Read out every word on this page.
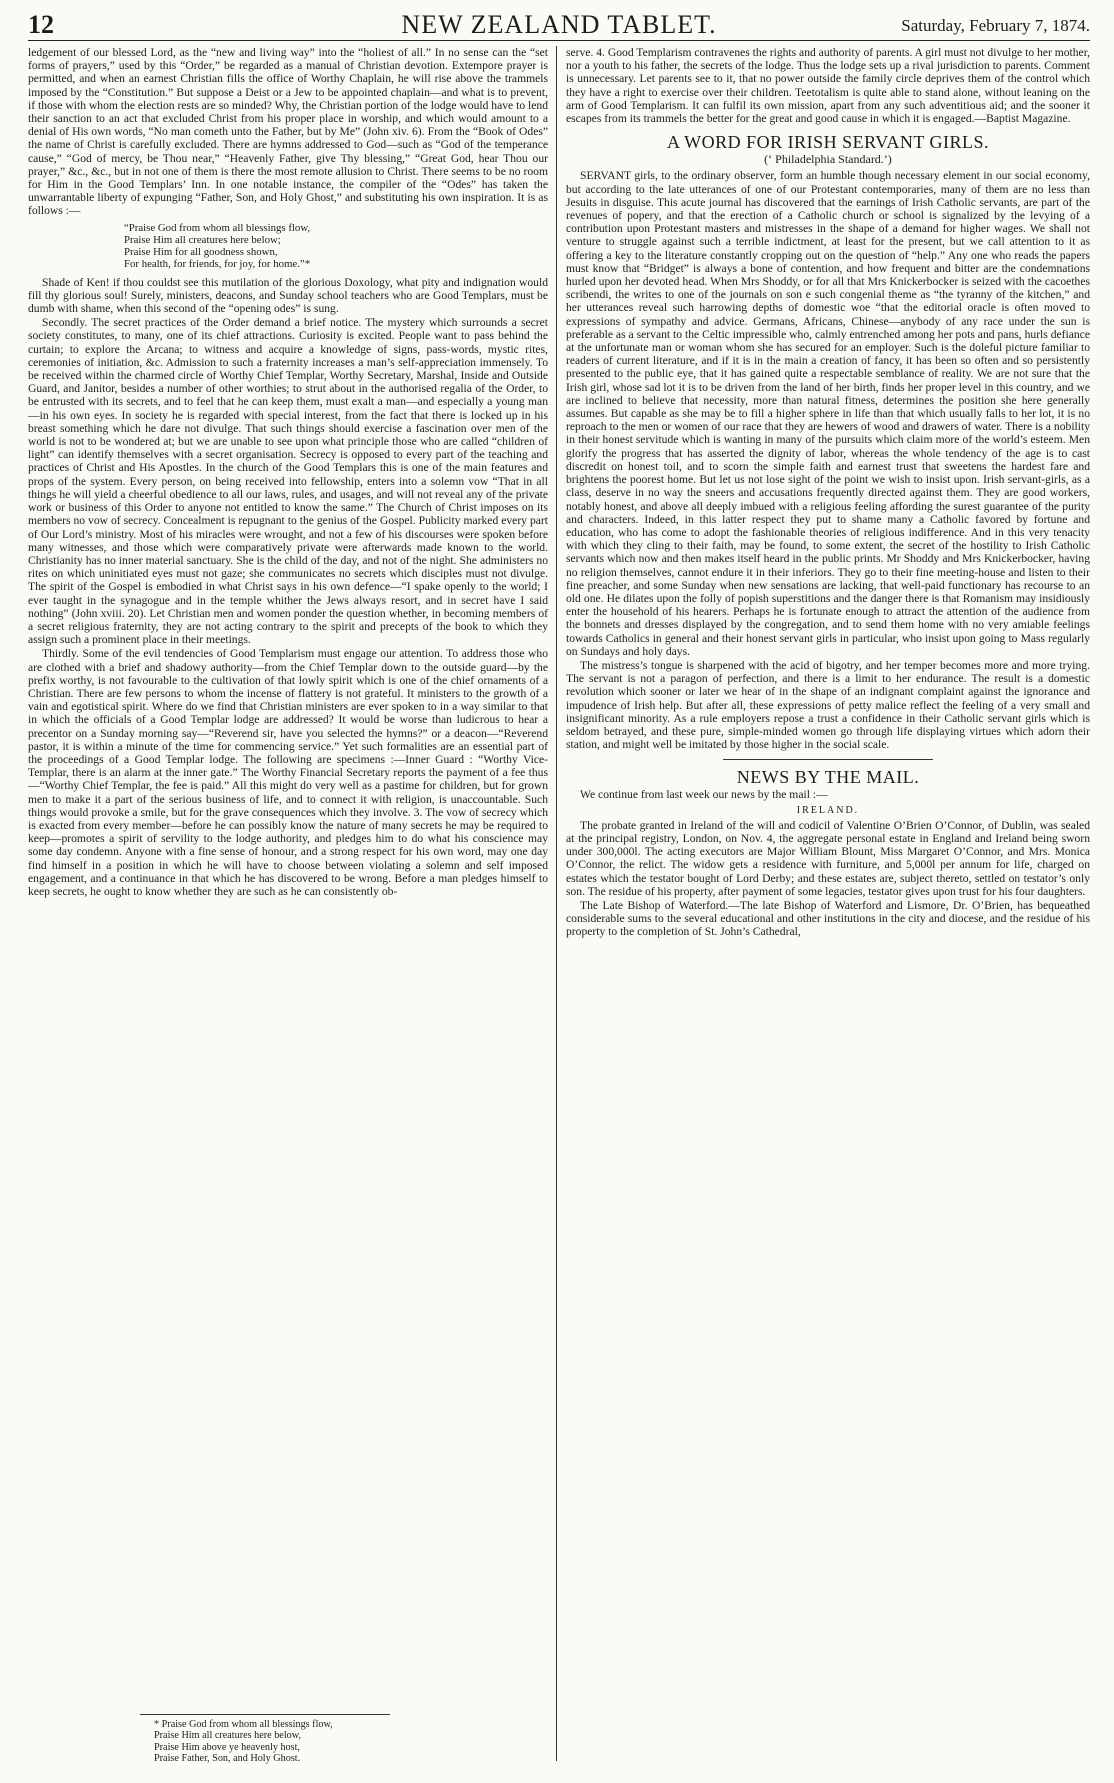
12	NEW ZEALAND TABLET.	Saturday, February 7, 1874.

ledgement of our blessed Lord, as the “new and living way” into the “holiest of all.” In no sense can the “set forms of prayers,” used by this “Order,” be regarded as a manual of Christian devotion. Extempore prayer is permitted, and when an earnest Christian fills the office of Worthy Chaplain, he will rise above the trammels imposed by the “Constitution.” But suppose a Deist or a Jew to be appointed chaplain—and what is to prevent, if those with whom the election rests are so minded? Why, the Christian portion of the lodge would have to lend their sanction to an act that excluded Christ from his proper place in worship, and which would amount to a denial of His own words, “No man cometh unto the Father, but by Me” (John xiv. 6). From the “Book of Odes” the name of Christ is carefully excluded. There are hymns addressed to God—such as “God of the temperance cause,” “God of mercy, be Thou near,” “Heavenly Father, give Thy blessing,” “Great God, hear Thou our prayer,” &c., &c., but in not one of them is there the most remote allusion to Christ. There seems to be no room for Him in the Good Templars’ Inn. In one notable instance, the compiler of the “Odes” has taken the unwarrantable liberty of expunging “Father, Son, and Holy Ghost,” and substituting his own inspiration. It is as follows :—

“Praise God from whom all blessings flow,
Praise Him all creatures here below;
Praise Him for all goodness shown,
For health, for friends, for joy, for home.”*

Shade of Ken! if thou couldst see this mutilation of the glorious Doxology, what pity and indignation would fill thy glorious soul! Surely, ministers, deacons, and Sunday school teachers who are Good Templars, must be dumb with shame, when this second of the “opening odes” is sung.

Secondly. The secret practices of the Order demand a brief notice. The mystery which surrounds a secret society constitutes, to many, one of its chief attractions. Curiosity is excited. People want to pass behind the curtain; to explore the Arcana; to witness and acquire a knowledge of signs, pass-words, mystic rites, ceremonies of initiation, &c. Admission to such a fraternity increases a man’s self-appreciation immensely. To be received within the charmed circle of Worthy Chief Templar, Worthy Secretary, Marshal, Inside and Outside Guard, and Janitor, besides a number of other worthies; to strut about in the authorised regalia of the Order, to be entrusted with its secrets, and to feel that he can keep them, must exalt a man—and especially a young man—in his own eyes. In society he is regarded with special interest, from the fact that there is locked up in his breast something which he dare not divulge. That such things should exercise a fascination over men of the world is not to be wondered at; but we are unable to see upon what principle those who are called “children of light” can identify themselves with a secret organisation. Secrecy is opposed to every part of the teaching and practices of Christ and His Apostles. In the church of the Good Templars this is one of the main features and props of the system. Every person, on being received into fellowship, enters into a solemn vow “That in all things he will yield a cheerful obedience to all our laws, rules, and usages, and will not reveal any of the private work or business of this Order to anyone not entitled to know the same.” The Church of Christ imposes on its members no vow of secrecy. Concealment is repugnant to the genius of the Gospel. Publicity marked every part of Our Lord’s ministry. Most of his miracles were wrought, and not a few of his discourses were spoken before many witnesses, and those which were comparatively private were afterwards made known to the world. Christianity has no inner material sanctuary. She is the child of the day, and not of the night. She administers no rites on which uninitiated eyes must not gaze; she communicates no secrets which disciples must not divulge. The spirit of the Gospel is embodied in what Christ says in his own defence—“I spake openly to the world; I ever taught in the synagogue and in the temple whither the Jews always resort, and in secret have I said nothing” (John xviii. 20). Let Christian men and women ponder the question whether, in becoming members of a secret religious fraternity, they are not acting contrary to the spirit and precepts of the book to which they assign such a prominent place in their meetings.

Thirdly. Some of the evil tendencies of Good Templarism must engage our attention. To address those who are clothed with a brief and shadowy authority—from the Chief Templar down to the outside guard—by the prefix worthy, is not favourable to the cultivation of that lowly spirit which is one of the chief ornaments of a Christian. There are few persons to whom the incense of flattery is not grateful. It ministers to the growth of a vain and egotistical spirit. Where do we find that Christian ministers are ever spoken to in a way similar to that in which the officials of a Good Templar lodge are addressed? It would be worse than ludicrous to hear a precentor on a Sunday morning say—“Reverend sir, have you selected the hymns?” or a deacon—“Reverend pastor, it is within a minute of the time for commencing service.” Yet such formalities are an essential part of the proceedings of a Good Templar lodge. The following are specimens :—Inner Guard : “Worthy Vice-Templar, there is an alarm at the inner gate.” The Worthy Financial Secretary reports the payment of a fee thus—“Worthy Chief Templar, the fee is paid.” All this might do very well as a pastime for children, but for grown men to make it a part of the serious business of life, and to connect it with religion, is unaccountable. Such things would provoke a smile, but for the grave consequences which they involve. 3. The vow of secrecy which is exacted from every member—before he can possibly know the nature of many secrets he may be required to keep—promotes a spirit of servility to the lodge authority, and pledges him to do what his conscience may some day condemn. Anyone with a fine sense of honour, and a strong respect for his own word, may one day find himself in a position in which he will have to choose between violating a solemn and self imposed engagement, and a continuance in that which he has discovered to be wrong. Before a man pledges himself to keep secrets, he ought to know whether they are such as he can consistently ob-

* Praise God from whom all blessings flow,
Praise Him all creatures here below,
Praise Him above ye heavenly host,
Praise Father, Son, and Holy Ghost.

serve. 4. Good Templarism contravenes the rights and authority of parents. A girl must not divulge to her mother, nor a youth to his father, the secrets of the lodge. Thus the lodge sets up a rival jurisdiction to parents. Comment is unnecessary. Let parents see to it, that no power outside the family circle deprives them of the control which they have a right to exercise over their children. Teetotalism is quite able to stand alone, without leaning on the arm of Good Templarism. It can fulfil its own mission, apart from any such adventitious aid; and the sooner it escapes from its trammels the better for the great and good cause in which it is engaged.—Baptist Magazine.

A WORD FOR IRISH SERVANT GIRLS.
(‘ Philadelphia Standard.’)

SERVANT girls, to the ordinary observer, form an humble though necessary element in our social economy, but according to the late utterances of one of our Protestant contemporaries, many of them are no less than Jesuits in disguise. This acute journal has discovered that the earnings of Irish Catholic servants, are part of the revenues of popery, and that the erection of a Catholic church or school is signalized by the levying of a contribution upon Protestant masters and mistresses in the shape of a demand for higher wages. We shall not venture to struggle against such a terrible indictment, at least for the present, but we call attention to it as offering a key to the literature constantly cropping out on the question of “help.” Any one who reads the papers must know that “Bridget” is always a bone of contention, and how frequent and bitter are the condemnations hurled upon her devoted head. When Mrs Shoddy, or for all that Mrs Knickerbocker is seized with the cacoethes scribendi, the writes to one of the journals on son e such congenial theme as “the tyranny of the kitchen,” and her utterances reveal such harrowing depths of domestic woe “that the editorial oracle is often moved to expressions of sympathy and advice. Germans, Africans, Chinese—anybody of any race under the sun is preferable as a servant to the Celtic impressible who, calmly entrenched among her pots and pans, hurls defiance at the unfortunate man or woman whom she has secured for an employer. Such is the doleful picture familiar to readers of current literature, and if it is in the main a creation of fancy, it has been so often and so persistently presented to the public eye, that it has gained quite a respectable semblance of reality. We are not sure that the Irish girl, whose sad lot it is to be driven from the land of her birth, finds her proper level in this country, and we are inclined to believe that necessity, more than natural fitness, determines the position she here generally assumes. But capable as she may be to fill a higher sphere in life than that which usually falls to her lot, it is no reproach to the men or women of our race that they are hewers of wood and drawers of water. There is a nobility in their honest servitude which is wanting in many of the pursuits which claim more of the world’s esteem. Men glorify the progress that has asserted the dignity of labor, whereas the whole tendency of the age is to cast discredit on honest toil, and to scorn the simple faith and earnest trust that sweetens the hardest fare and brightens the poorest home. But let us not lose sight of the point we wish to insist upon. Irish servant-girls, as a class, deserve in no way the sneers and accusations frequently directed against them. They are good workers, notably honest, and above all deeply imbued with a religious feeling affording the surest guarantee of the purity and characters. Indeed, in this latter respect they put to shame many a Catholic favored by fortune and education, who has come to adopt the fashionable theories of religious indifference. And in this very tenacity with which they cling to their faith, may be found, to some extent, the secret of the hostility to Irish Catholic servants which now and then makes itself heard in the public prints. Mr Shoddy and Mrs Knickerbocker, having no religion themselves, cannot endure it in their inferiors. They go to their fine meeting-house and listen to their fine preacher, and some Sunday when new sensations are lacking, that well-paid functionary has recourse to an old one. He dilates upon the folly of popish superstitions and the danger there is that Romanism may insidiously enter the household of his hearers. Perhaps he is fortunate enough to attract the attention of the audience from the bonnets and dresses displayed by the congregation, and to send them home with no very amiable feelings towards Catholics in general and their honest servant girls in particular, who insist upon going to Mass regularly on Sundays and holy days.

The mistress’s tongue is sharpened with the acid of bigotry, and her temper becomes more and more trying. The servant is not a paragon of perfection, and there is a limit to her endurance. The result is a domestic revolution which sooner or later we hear of in the shape of an indignant complaint against the ignorance and impudence of Irish help. But after all, these expressions of petty malice reflect the feeling of a very small and insignificant minority. As a rule employers repose a trust a confidence in their Catholic servant girls which is seldom betrayed, and these pure, simple-minded women go through life displaying virtues which adorn their station, and might well be imitated by those higher in the social scale.

NEWS BY THE MAIL.

We continue from last week our news by the mail :—

IRELAND.

The probate granted in Ireland of the will and codicil of Valentine O’Brien O’Connor, of Dublin, was sealed at the principal registry, London, on Nov. 4, the aggregate personal estate in England and Ireland being sworn under 300,000l. The acting executors are Major William Blount, Miss Margaret O’Connor, and Mrs. Monica O’Connor, the relict. The widow gets a residence with furniture, and 5,000l per annum for life, charged on estates which the testator bought of Lord Derby; and these estates are, subject thereto, settled on testator’s only son. The residue of his property, after payment of some legacies, testator gives upon trust for his four daughters.

The Late Bishop of Waterford.—The late Bishop of Waterford and Lismore, Dr. O’Brien, has bequeathed considerable sums to the several educational and other institutions in the city and diocese, and the residue of his property to the completion of St. John’s Cathedral,
